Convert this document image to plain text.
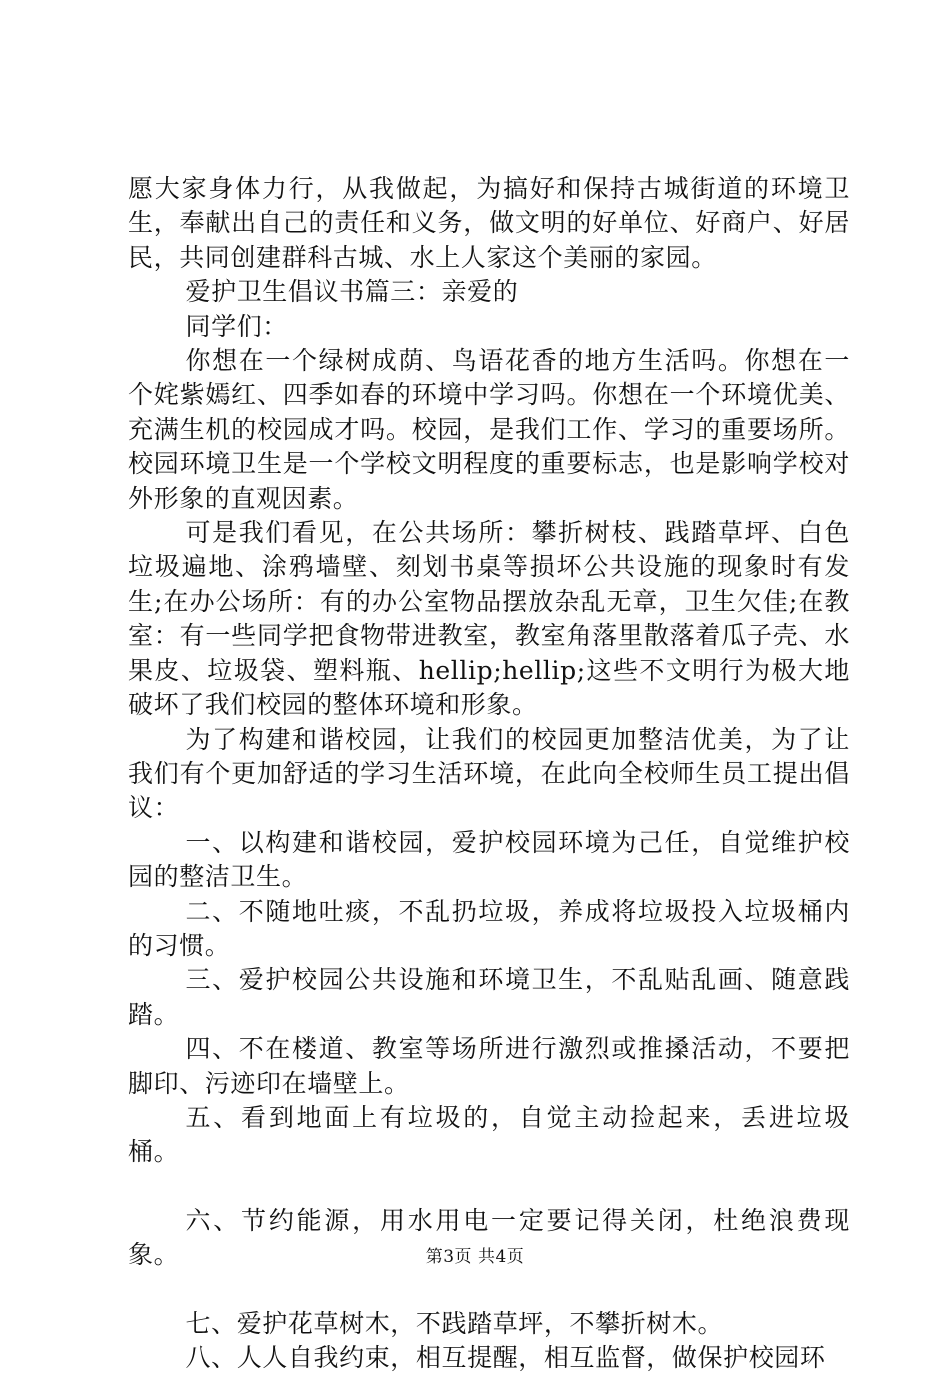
愿大家身体力行，从我做起，为搞好和保持古城街道的环境卫生，奉献出自己的责任和义务，做文明的好单位、好商户、好居民，共同创建群科古城、水上人家这个美丽的家园。

爱护卫生倡议书篇三：亲爱的

同学们：

你想在一个绿树成荫、鸟语花香的地方生活吗。你想在一个姹紫嫣红、四季如春的环境中学习吗。你想在一个环境优美、充满生机的校园成才吗。校园，是我们工作、学习的重要场所。校园环境卫生是一个学校文明程度的重要标志，也是影响学校对外形象的直观因素。

可是我们看见，在公共场所：攀折树枝、践踏草坪、白色垃圾遍地、涂鸦墙壁、刻划书桌等损坏公共设施的现象时有发生;在办公场所：有的办公室物品摆放杂乱无章，卫生欠佳;在教室：有一些同学把食物带进教室，教室角落里散落着瓜子壳、水果皮、垃圾袋、塑料瓶、hellip;hellip;这些不文明行为极大地破坏了我们校园的整体环境和形象。

为了构建和谐校园，让我们的校园更加整洁优美，为了让我们有个更加舒适的学习生活环境，在此向全校师生员工提出倡议：

一、以构建和谐校园，爱护校园环境为己任，自觉维护校园的整洁卫生。

二、不随地吐痰，不乱扔垃圾，养成将垃圾投入垃圾桶内的习惯。

三、爱护校园公共设施和环境卫生，不乱贴乱画、随意践踏。

四、不在楼道、教室等场所进行激烈或推搡活动，不要把脚印、污迹印在墙壁上。

五、看到地面上有垃圾的，自觉主动捡起来，丢进垃圾桶。

六、节约能源，用水用电一定要记得关闭，杜绝浪费现象。

七、爱护花草树木，不践踏草坪，不攀折树木。

八、人人自我约束，相互提醒，相互监督，做保护校园环

第3页 共4页
